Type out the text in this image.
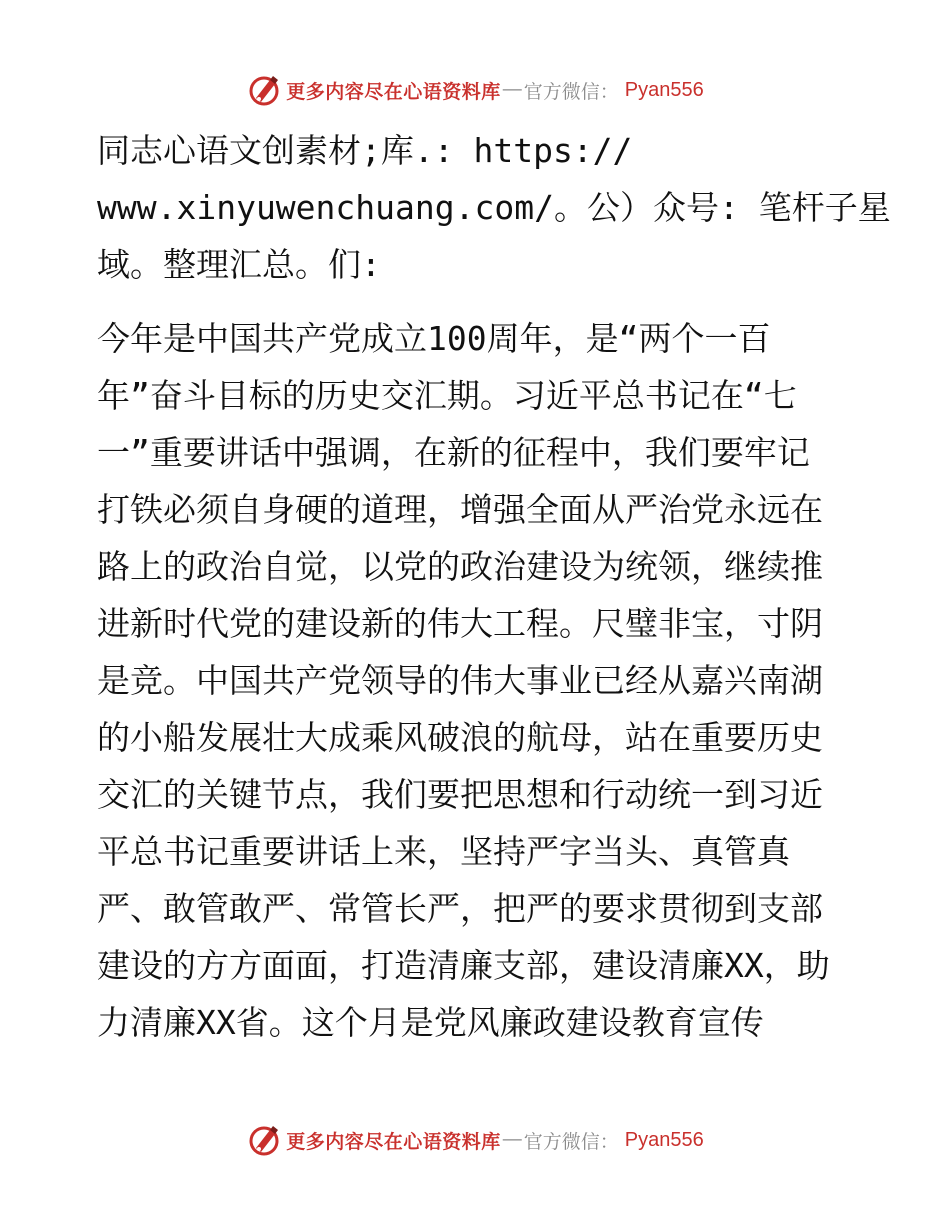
更多内容尽在心语资料库 — 官方微信： Pyan556
同志心语文创素材;库.: https://
www.xinyuwenchuang.com/。公）众号: 笔杆子星
域。整理汇总。们:
今年是中国共产党成立100周年，是“两个一百
年”奋斗目标的历史交汇期。习近平总书记在“七
一”重要讲话中强调，在新的征程中，我们要牢记
打铁必须自身硬的道理，增强全面从严治党永远在
路上的政治自觉，以党的政治建设为统领，继续推
进新时代党的建设新的伟大工程。尺璧非宝，寸阴
是竞。中国共产党领导的伟大事业已经从嘉兴南湖
的小船发展壮大成乘风破浪的航母，站在重要历史
交汇的关键节点，我们要把思想和行动统一到习近
平总书记重要讲话上来，坚持严字当头、真管真
严、敢管敢严、常管长严，把严的要求贯彻到支部
建设的方方面面，打造清廉支部，建设清廉XX，助
力清廉XX省。这个月是党风廉政建设教育宣传
更多内容尽在心语资料库 — 官方微信： Pyan556
